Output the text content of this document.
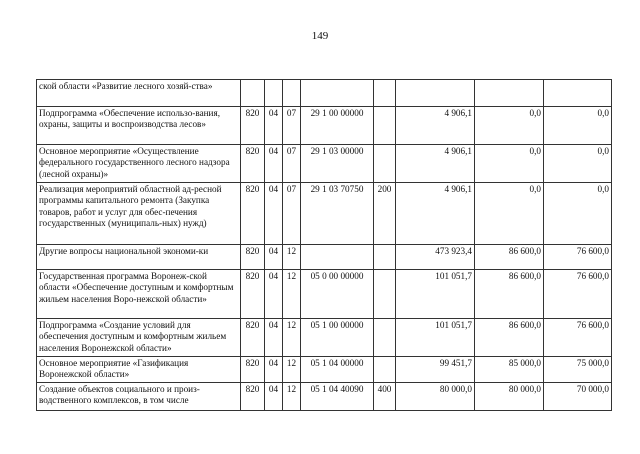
149
ской области «Развитие лесного хозяй-ства»								
Подпрограмма «Обеспечение использо-вания, охраны, защиты и воспроизводства лесов»	820	04	07	29 1 00 00000		4 906,1	0,0	0,0
Основное мероприятие «Осуществление федерального государственного лесного надзора (лесной охраны)»	820	04	07	29 1 03 00000		4 906,1	0,0	0,0
Реализация мероприятий областной ад-ресной программы капитального ремонта (Закупка товаров, работ и услуг для обес-печения государственных (муниципаль-ных) нужд)	820	04	07	29 1 03 70750	200	4 906,1	0,0	0,0
Другие вопросы национальной экономи-ки	820	04	12			473 923,4	86 600,0	76 600,0
Государственная программа Воронеж-ской области «Обеспечение доступным и комфортным жильем населения Воро-нежской области»	820	04	12	05 0 00 00000		101 051,7	86 600,0	76 600,0
Подпрограмма «Создание условий для обеспечения доступным и комфортным жильем населения Воронежской области»	820	04	12	05 1 00 00000		101 051,7	86 600,0	76 600,0
Основное мероприятие «Газификация Воронежской области»	820	04	12	05 1 04 00000		99 451,7	85 000,0	75 000,0
Создание объектов социального и произ-водственного комплексов, в том числе	820	04	12	05 1 04 40090	400	80 000,0	80 000,0	70 000,0
